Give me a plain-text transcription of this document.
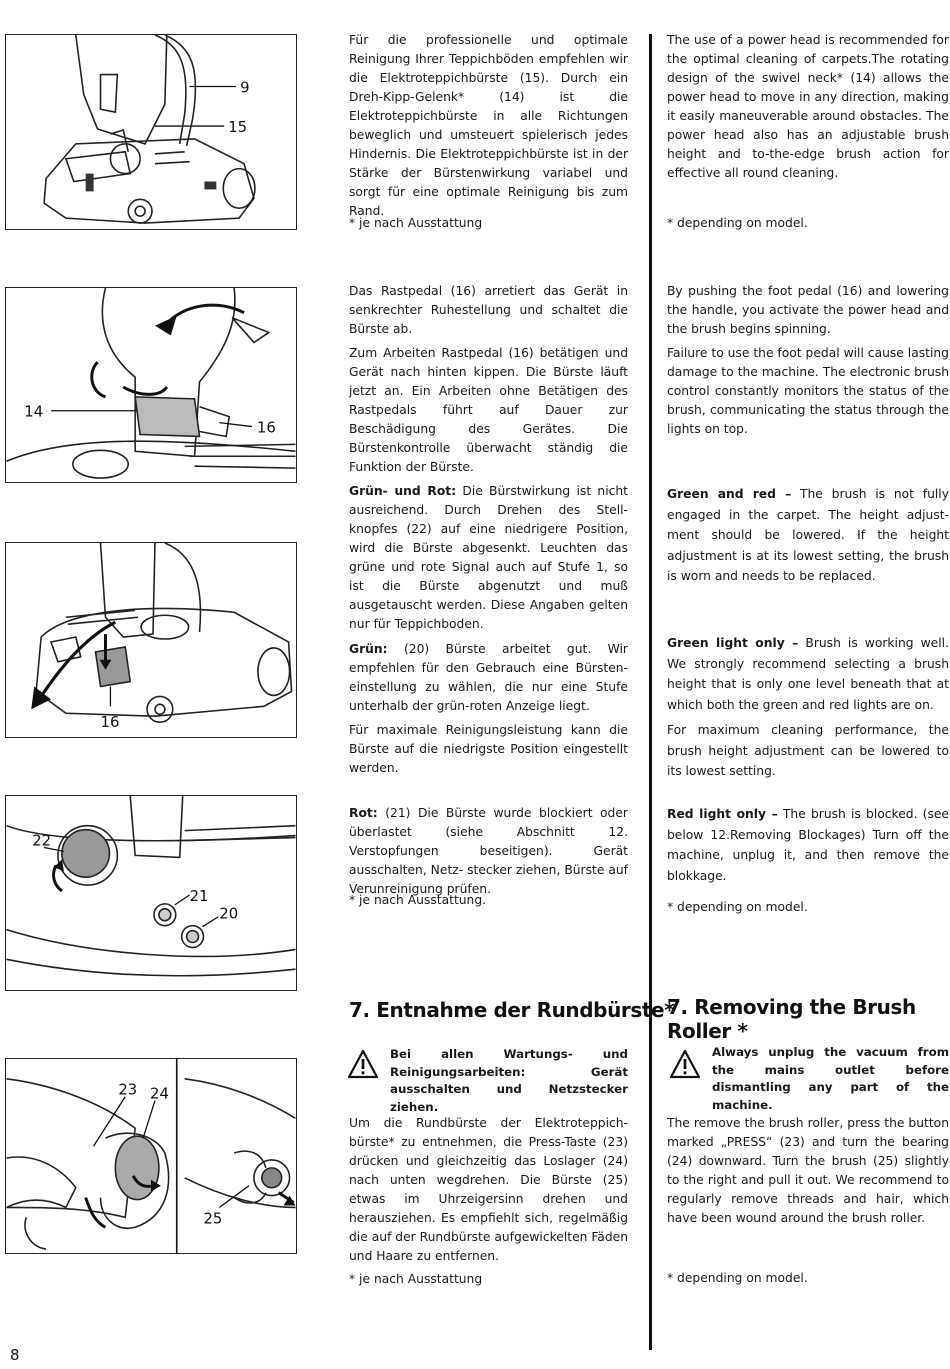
9
15
14
16
16
22
21
20
23 24
25

Für die professionelle und optimale Reinigung Ihrer Teppichböden empfehlen wir die Elektroteppichbürste (15). Durch ein Dreh-Kipp-Gelenk* (14) ist die Elektroteppichbürste in alle Richtungen beweglich und umsteuert spielerisch jedes Hindernis. Die Elektroteppichbürste ist in der Stärke der Bürstenwirkung variabel und sorgt für eine optimale Reinigung bis zum Rand.

* je nach Ausstattung

Das Rastpedal (16) arretiert das Gerät in senkrechter Ruhestellung und schaltet die Bürste ab.

Zum Arbeiten Rastpedal (16) betätigen und Gerät nach hinten kippen. Die Bürste läuft jetzt an. Ein Arbeiten ohne Betätigen des Rastpedals führt auf Dauer zur Beschädigung des Gerätes. Die Bürstenkontrolle überwacht ständig die Funktion der Bürste.

Grün- und Rot: Die Bürstwirkung ist nicht ausreichend. Durch Drehen des Stell- knopfes (22) auf eine niedrigere Position, wird die Bürste abgesenkt. Leuchten das grüne und rote Signal auch auf Stufe 1, so ist die Bürste abgenutzt und muß ausgetauscht werden. Diese Angaben gelten nur für Teppichboden.

Grün: (20) Bürste arbeitet gut. Wir empfehlen für den Gebrauch eine Bürsten- einstellung zu wählen, die nur eine Stufe unterhalb der grün-roten Anzeige liegt.

Für maximale Reinigungsleistung kann die Bürste auf die niedrigste Position eingestellt werden.

Rot: (21) Die Bürste wurde blockiert oder überlastet (siehe Abschnitt 12. Verstopfungen beseitigen). Gerät ausschalten, Netz- stecker ziehen, Bürste auf Verunreinigung prüfen.

* je nach Ausstattung.
7. Entnahme der Rundbürste*
Bei allen Wartungs- und Reinigungsarbeiten: Gerät ausschalten und Netzstecker ziehen.

Um die Rundbürste der Elektroteppich- bürste* zu entnehmen, die Press-Taste (23) drücken und gleichzeitig das Loslager (24) nach unten wegdrehen. Die Bürste (25) etwas im Uhrzeigersinn drehen und herausziehen. Es empfiehlt sich, regelmäßig die auf der Rundbürste aufgewickelten Fäden und Haare zu entfernen.

* je nach Ausstattung

The use of a power head is recommended for the optimal cleaning of carpets.The rotating design of the swivel neck* (14) allows the power head to move in any direction, making it easily maneuverable around obstacles. The power head also has an adjustable brush height and to-the-edge brush action for effective all round cleaning.

* depending on model.

By pushing the foot pedal (16) and lowering the handle, you activate the power head and the brush begins spinning.

Failure to use the foot pedal will cause lasting damage to the machine. The electronic brush control constantly monitors the status of the brush, communicating the status through the lights on top.

Green and red – The brush is not fully engaged in the carpet. The height adjust- ment should be lowered. If the height adjustment is at its lowest setting, the brush is worn and needs to be replaced.

Green light only – Brush is working well. We strongly recommend selecting a brush height that is only one level beneath that at which both the green and red lights are on.

For maximum cleaning performance, the brush height adjustment can be lowered to its lowest setting.

Red light only – The brush is blocked. (see below 12.Removing Blockages) Turn off the machine, unplug it, and then remove the blokkage.

* depending on model.
7. Removing the Brush Roller *
Always unplug the vacuum from the mains outlet before dismantling any part of the machine.

The remove the brush roller, press the button marked „PRESS“ (23) and turn the bearing (24) downward. Turn the brush (25) slightly to the right and pull it out. We recommend to regularly remove threads and hair, which have been wound around the brush roller.

* depending on model.
8
